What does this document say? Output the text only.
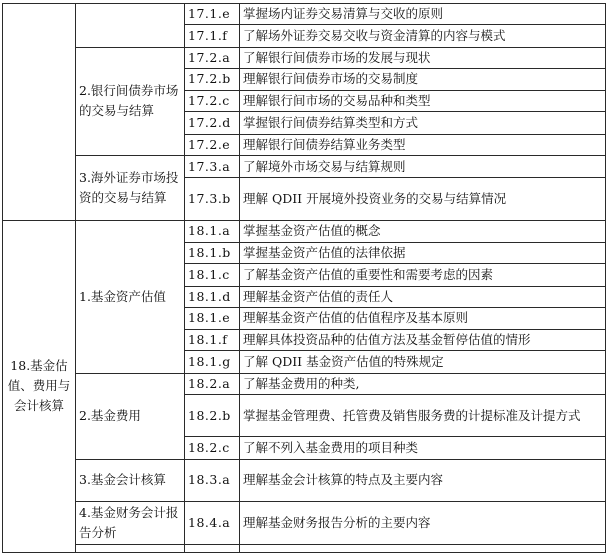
		17.1.e	掌握场内证券交易清算与交收的原则
		17.1.f	了解场外证券交易交收与资金清算的内容与模式
	2.银行间债券市场的交易与结算	17.2.a	了解银行间债券市场的发展与现状
		17.2.b	理解银行间债券市场的交易制度
		17.2.c	理解银行间市场的交易品种和类型
		17.2.d	掌握银行间债券结算类型和方式
		17.2.e	理解银行间债券结算业务类型
	3.海外证券市场投资的交易与结算	17.3.a	了解境外市场交易与结算规则
		17.3.b	理解 QDII 开展境外投资业务的交易与结算情况
18.基金估值、费用与会计核算	1.基金资产估值	18.1.a	掌握基金资产估值的概念
		18.1.b	掌握基金资产估值的法律依据
		18.1.c	了解基金资产估值的重要性和需要考虑的因素
		18.1.d	理解基金资产估值的责任人
		18.1.e	理解基金资产估值的估值程序及基本原则
		18.1.f	理解具体投资品种的估值方法及基金暂停估值的情形
		18.1.g	了解 QDII 基金资产估值的特殊规定
	2.基金费用	18.2.a	了解基金费用的种类,
		18.2.b	掌握基金管理费、托管费及销售服务费的计提标准及计提方式
		18.2.c	了解不列入基金费用的项目种类
	3.基金会计核算	18.3.a	理解基金会计核算的特点及主要内容
	4.基金财务会计报告分析	18.4.a	理解基金财务报告分析的主要内容
